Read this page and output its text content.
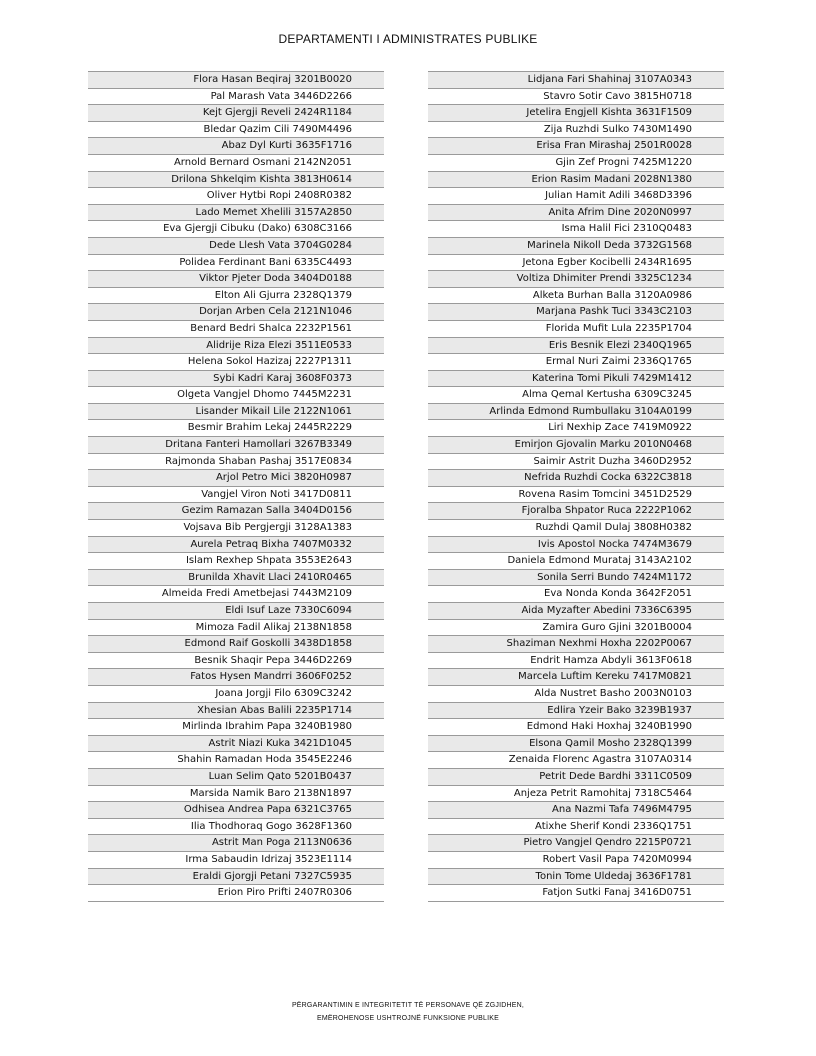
DEPARTAMENTI I ADMINISTRATES PUBLIKE
Flora Hasan Beqiraj 3201B0020
Pal Marash Vata 3446D2266
Kejt Gjergji Reveli 2424R1184
Bledar Qazim Cili 7490M4496
Abaz Dyl Kurti 3635F1716
Arnold Bernard Osmani 2142N2051
Drilona Shkelqim Kishta 3813H0614
Oliver Hytbi Ropi 2408R0382
Lado Memet Xhelili 3157A2850
Eva Gjergji Cibuku (Dako) 6308C3166
Dede Llesh Vata 3704G0284
Polidea Ferdinant Bani 6335C4493
Viktor Pjeter Doda 3404D0188
Elton Ali Gjurra 2328Q1379
Dorjan Arben Cela 2121N1046
Benard Bedri Shalca 2232P1561
Alidrije Riza Elezi 3511E0533
Helena Sokol Hazizaj 2227P1311
Sybi Kadri Karaj 3608F0373
Olgeta Vangjel Dhomo 7445M2231
Lisander Mikail Lile 2122N1061
Besmir Brahim Lekaj 2445R2229
Dritana Fanteri Hamollari 3267B3349
Rajmonda Shaban Pashaj 3517E0834
Arjol Petro Mici 3820H0987
Vangjel Viron Noti 3417D0811
Gezim Ramazan Salla 3404D0156
Vojsava Bib Pergjergji 3128A1383
Aurela Petraq Bixha 7407M0332
Islam Rexhep Shpata 3553E2643
Brunilda Xhavit Llaci 2410R0465
Almeida Fredi Ametbejasi 7443M2109
Eldi Isuf Laze 7330C6094
Mimoza Fadil Alikaj 2138N1858
Edmond Raif Goskolli 3438D1858
Besnik Shaqir Pepa 3446D2269
Fatos Hysen Mandrri 3606F0252
Joana Jorgji Filo 6309C3242
Xhesian Abas Balili 2235P1714
Mirlinda Ibrahim Papa 3240B1980
Astrit Niazi Kuka 3421D1045
Shahin Ramadan Hoda 3545E2246
Luan Selim Qato 5201B0437
Marsida Namik Baro 2138N1897
Odhisea Andrea Papa 6321C3765
Ilia Thodhoraq Gogo 3628F1360
Astrit Man Poga 2113N0636
Irma Sabaudin Idrizaj 3523E1114
Eraldi Gjorgji Petani 7327C5935
Erion Piro Prifti 2407R0306
Lidjana Fari Shahinaj 3107A0343
Stavro Sotir Cavo 3815H0718
Jetelira Engjell Kishta 3631F1509
Zija Ruzhdi Sulko 7430M1490
Erisa Fran Mirashaj 2501R0028
Gjin Zef Progni 7425M1220
Erion Rasim Madani 2028N1380
Julian Hamit Adili 3468D3396
Anita Afrim Dine 2020N0997
Isma Halil Fici 2310Q0483
Marinela Nikoll Deda 3732G1568
Jetona Egber Kocibelli 2434R1695
Voltiza Dhimiter Prendi 3325C1234
Alketa Burhan Balla 3120A0986
Marjana Pashk Tuci 3343C2103
Florida Mufit Lula 2235P1704
Eris Besnik Elezi 2340Q1965
Ermal Nuri Zaimi 2336Q1765
Katerina Tomi Pikuli 7429M1412
Alma Qemal Kertusha 6309C3245
Arlinda Edmond Rumbullaku 3104A0199
Liri Nexhip Zace 7419M0922
Emirjon Gjovalin Marku 2010N0468
Saimir Astrit Duzha 3460D2952
Nefrida Ruzhdi Cocka 6322C3818
Rovena Rasim Tomcini 3451D2529
Fjoralba Shpator Ruca 2222P1062
Ruzhdi Qamil Dulaj 3808H0382
Ivis Apostol Nocka 7474M3679
Daniela Edmond Murataj 3143A2102
Sonila Serri Bundo 7424M1172
Eva Nonda Konda 3642F2051
Aida Myzafter Abedini 7336C6395
Zamira Guro Gjini 3201B0004
Shaziman Nexhmi Hoxha 2202P0067
Endrit Hamza Abdyli 3613F0618
Marcela Luftim Kereku 7417M0821
Alda Nustret Basho 2003N0103
Edlira Yzeir Bako 3239B1937
Edmond Haki Hoxhaj 3240B1990
Elsona Qamil Mosho 2328Q1399
Zenaida Florenc Agastra 3107A0314
Petrit Dede Bardhi 3311C0509
Anjeza Petrit Ramohitaj 7318C5464
Ana Nazmi Tafa 7496M4795
Atixhe Sherif Kondi 2336Q1751
Pietro Vangjel Qendro 2215P0721
Robert Vasil Papa 7420M0994
Tonin Tome Uldedaj 3636F1781
Fatjon Sutki Fanaj 3416D0751
PËRGARANTIMIN E INTEGRITETIT TË PERSONAVE QË ZGJIDHEN,
EMËROHENOSE USHTROJNË FUNKSIONE PUBLIKE
